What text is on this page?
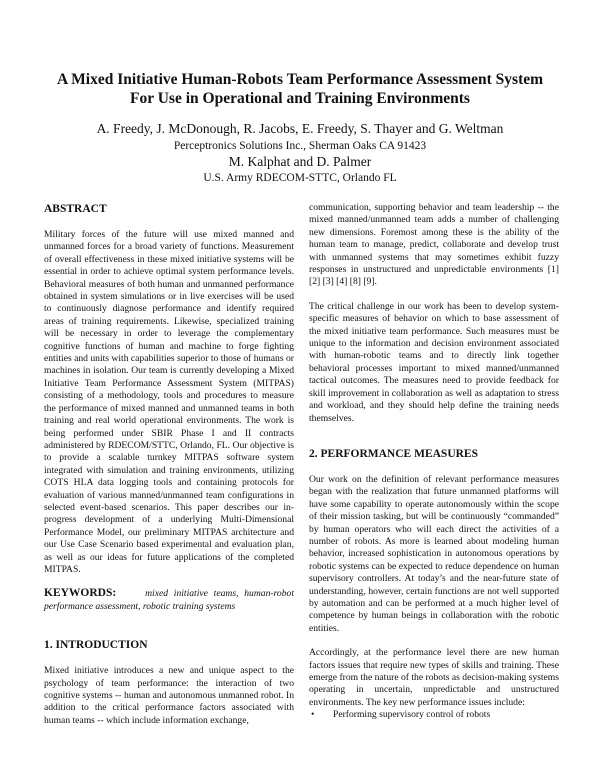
A Mixed Initiative Human-Robots Team Performance Assessment System
For Use in Operational and Training Environments
A. Freedy, J. McDonough, R. Jacobs, E. Freedy, S. Thayer and G. Weltman
Perceptronics Solutions Inc., Sherman Oaks CA 91423
M. Kalphat and D. Palmer
U.S. Army RDECOM-STTC, Orlando FL
ABSTRACT

Military forces of the future will use mixed manned and unmanned forces for a broad variety of functions. Measurement of overall effectiveness in these mixed initiative systems will be essential in order to achieve optimal system performance levels. Behavioral measures of both human and unmanned performance obtained in system simulations or in live exercises will be used to continuously diagnose performance and identify required areas of training requirements. Likewise, specialized training will be necessary in order to leverage the complementary cognitive functions of human and machine to forge fighting entities and units with capabilities superior to those of humans or machines in isolation. Our team is currently developing a Mixed Initiative Team Performance Assessment System (MITPAS) consisting of a methodology, tools and procedures to measure the performance of mixed manned and unmanned teams in both training and real world operational environments. The work is being performed under SBIR Phase I and II contracts administered by RDECOM/STTC, Orlando, FL. Our objective is to provide a scalable turnkey MITPAS software system integrated with simulation and training environments, utilizing COTS HLA data logging tools and containing protocols for evaluation of various manned/unmanned team configurations in selected event-based scenarios. This paper describes our in-progress development of a underlying Multi-Dimensional Performance Model, our preliminary MITPAS architecture and our Use Case Scenario based experimental and evaluation plan, as well as our ideas for future applications of the completed MITPAS.

KEYWORDS:	mixed initiative teams, human-robot performance assessment, robotic training systems

1. INTRODUCTION

Mixed initiative introduces a new and unique aspect to the psychology of team performance: the interaction of two cognitive systems -- human and autonomous unmanned robot. In addition to the critical performance factors associated with human teams -- which include information exchange,

communication, supporting behavior and team leadership -- the mixed manned/unmanned team adds a number of challenging new dimensions. Foremost among these is the ability of the human team to manage, predict, collaborate and develop trust with unmanned systems that may sometimes exhibit fuzzy responses in unstructured and unpredictable environments [1] [2] [3] [4] [8] [9].

The critical challenge in our work has been to develop system-specific measures of behavior on which to base assessment of the mixed initiative team performance. Such measures must be unique to the information and decision environment associated with human-robotic teams and to directly link together behavioral processes important to mixed manned/unmanned tactical outcomes. The measures need to provide feedback for skill improvement in collaboration as well as adaptation to stress and workload, and they should help define the training needs themselves.

2. PERFORMANCE MEASURES

Our work on the definition of relevant performance measures began with the realization that future unmanned platforms will have some capability to operate autonomously within the scope of their mission tasking, but will be continuously “commanded” by human operators who will each direct the activities of a number of robots. As more is learned about modeling human behavior, increased sophistication in autonomous operations by robotic systems can be expected to reduce dependence on human supervisory controllers. At today’s and the near-future state of understanding, however, certain functions are not well supported by automation and can be performed at a much higher level of competence by human beings in collaboration with the robotic entities.

Accordingly, at the performance level there are new human factors issues that require new types of skills and training. These emerge from the nature of the robots as decision-making systems operating in uncertain, unpredictable and unstructured environments. The key new performance issues include:

• Performing supervisory control of robots
